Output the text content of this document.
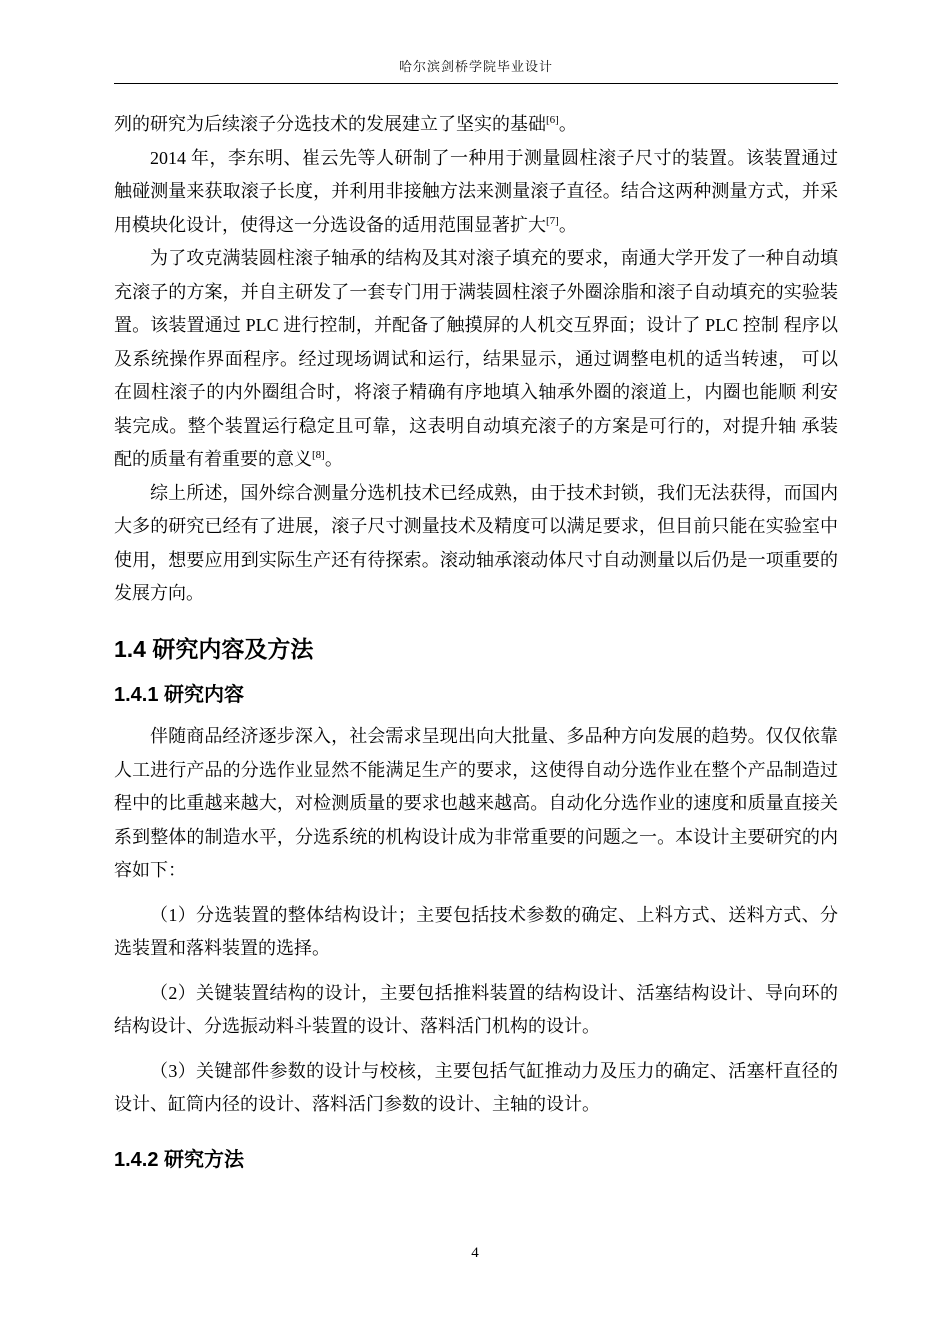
哈尔滨剑桥学院毕业设计

列的研究为后续滚子分选技术的发展建立了坚实的基础[6]。

2014 年，李东明、崔云先等人研制了一种用于测量圆柱滚子尺寸的装置。该装置通过触碰测量来获取滚子长度，并利用非接触方法来测量滚子直径。结合这两种测量方式，并采用模块化设计，使得这一分选设备的适用范围显著扩大[7]。

为了攻克满装圆柱滚子轴承的结构及其对滚子填充的要求，南通大学开发了一种自动填充滚子的方案，并自主研发了一套专门用于满装圆柱滚子外圈涂脂和滚子自动填充的实验装置。该装置通过 PLC 进行控制，并配备了触摸屏的人机交互界面；设计了 PLC 控制 程序以及系统操作界面程序。经过现场调试和运行，结果显示，通过调整电机的适当转速， 可以在圆柱滚子的内外圈组合时，将滚子精确有序地填入轴承外圈的滚道上，内圈也能顺 利安装完成。整个装置运行稳定且可靠，这表明自动填充滚子的方案是可行的，对提升轴 承装配的质量有着重要的意义[8]。

综上所述，国外综合测量分选机技术已经成熟，由于技术封锁，我们无法获得，而国内大多的研究已经有了进展，滚子尺寸测量技术及精度可以满足要求，但目前只能在实验室中使用，想要应用到实际生产还有待探索。滚动轴承滚动体尺寸自动测量以后仍是一项重要的发展方向。

1.4 研究内容及方法
1.4.1 研究内容

伴随商品经济逐步深入，社会需求呈现出向大批量、多品种方向发展的趋势。仅仅依靠人工进行产品的分选作业显然不能满足生产的要求，这使得自动分选作业在整个产品制造过程中的比重越来越大，对检测质量的要求也越来越高。自动化分选作业的速度和质量直接关系到整体的制造水平，分选系统的机构设计成为非常重要的问题之一。本设计主要研究的内容如下：

（1）分选装置的整体结构设计；主要包括技术参数的确定、上料方式、送料方式、分选装置和落料装置的选择。

（2）关键装置结构的设计，主要包括推料装置的结构设计、活塞结构设计、导向环的结构设计、分选振动料斗装置的设计、落料活门机构的设计。

（3）关键部件参数的设计与校核，主要包括气缸推动力及压力的确定、活塞杆直径的设计、缸筒内径的设计、落料活门参数的设计、主轴的设计。

1.4.2 研究方法
4
